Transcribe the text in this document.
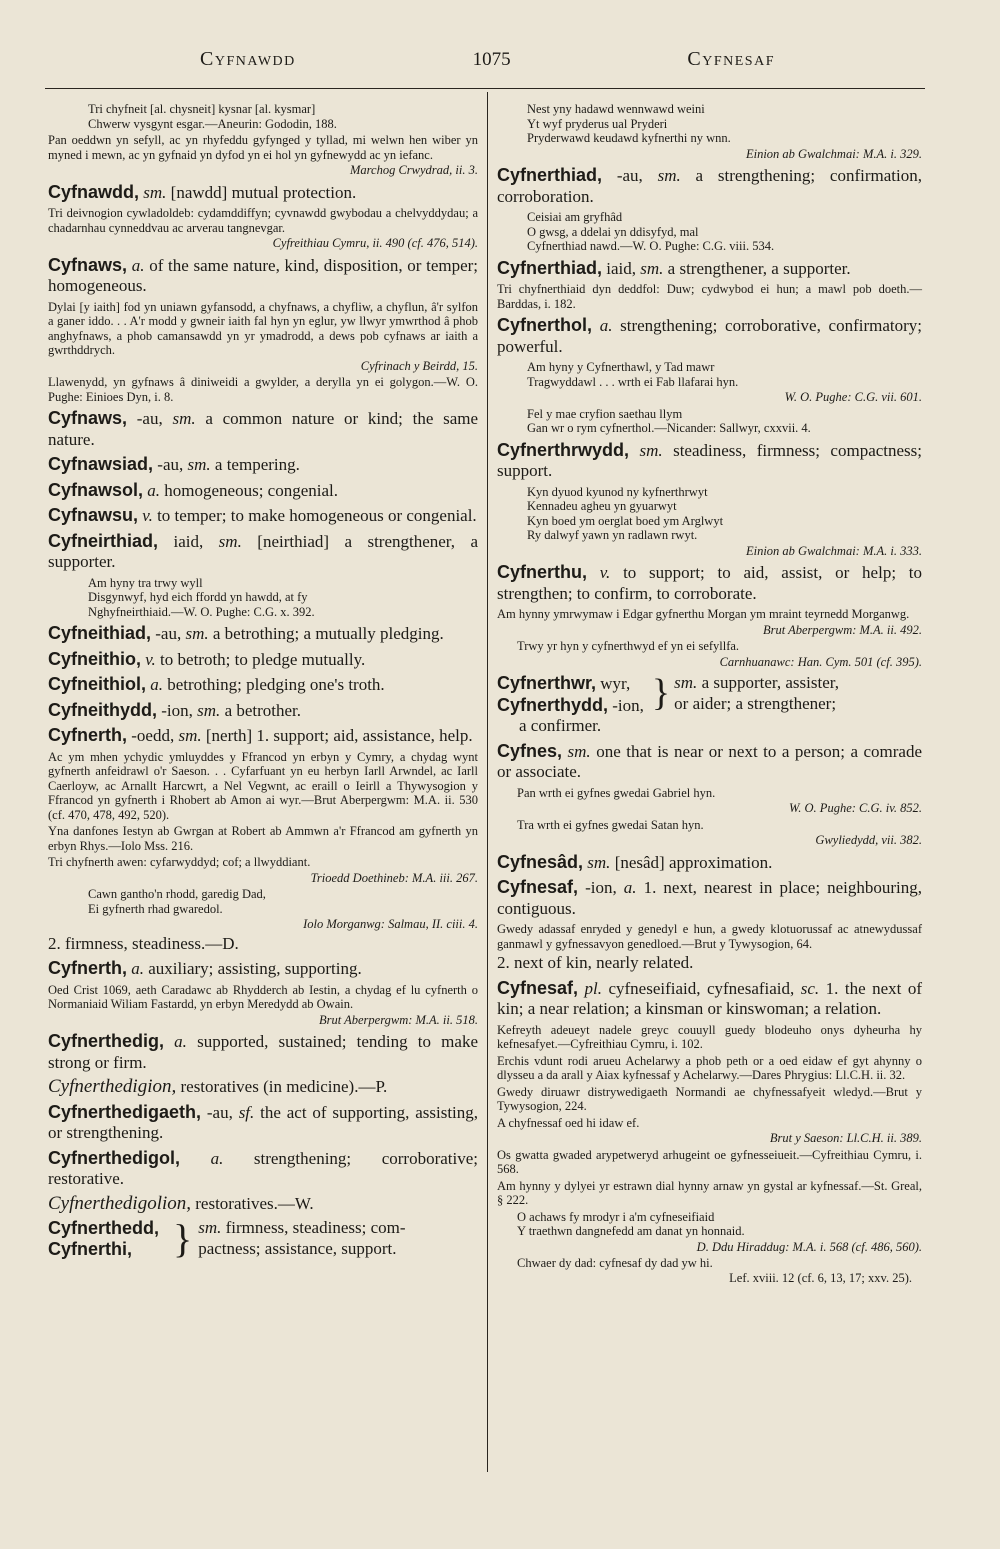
Cyfnawdd	1075	Cyfnesaf
Tri chyfneit [al. chysneit] kysnar [al. kysmar]
Chwerw vysgynt esgar.—Aneurin: Gododin, 188.
Pan oeddwn yn sefyll, ac yn rhyfeddu gyfynged y tyllad, mi welwn hen wiber yn myned i mewn, ac yn gyfnaid yn dyfod yn ei hol yn gyfnewydd ac yn iefanc.
Marchog Crwydrad, ii. 3.
Cyfnawdd, sm. [nawdd] mutual protection.
Tri deivnogion cywladoldeb: cydamddiffyn; cyvnawdd gwybodau a chelvyddydau; a chadarnhau cynneddvau ac arverau tangnevgar.
Cyfreithiau Cymru, ii. 490 (cf. 476, 514).
Cyfnaws, a. of the same nature, kind, disposition, or temper; homogeneous.
Dylai [y iaith] fod yn uniawn gyfansodd, a chyfnaws, a chyfliw, a chyflun, â'r sylfon a ganer iddo. . . A'r modd y gwneir iaith fal hyn yn eglur, yw llwyr ymwrthod â phob anghyfnaws, a phob camansawdd yn yr ymadrodd, a dews pob cyfnaws ar iaith a gwrthddrych.
Cyfrinach y Beirdd, 15.
Llawenydd, yn gyfnaws â diniweidi a gwylder, a derylla yn ei golygon.—W. O. Pughe: Einioes Dyn, i. 8.
Cyfnaws, -au, sm. a common nature or kind; the same nature.
Cyfnawsiad, -au, sm. a tempering.
Cyfnawsol, a. homogeneous; congenial.
Cyfnawsu, v. to temper; to make homogeneous or congenial.
Cyfneirthiad, iaid, sm. [neirthiad] a strengthener, a supporter.
Am hyny tra trwy wyll
Disgynwyf, hyd eich ffordd yn hawdd, at fy
Nghyfneirthiaid.—W. O. Pughe: C.G. x. 392.
Cyfneithiad, -au, sm. a betrothing; a mutually pledging.
Cyfneithio, v. to betroth; to pledge mutually.
Cyfneithiol, a. betrothing; pledging one's troth.
Cyfneithydd, -ion, sm. a betrother.
Cyfnerth, -oedd, sm. [nerth] 1. support; aid, assistance, help.
Ac ym mhen ychydic ymluyddes y Ffrancod yn erbyn y Cymry, a chydag wynt gyfnerth anfeidrawl o'r Saeson. . . Cyfarfuant yn eu herbyn Iarll Arwndel, ac Iarll Caerloyw, ac Arnallt Harcwrt, a Nel Vegwnt, ac eraill o Ieirll a Thywysogion y Ffrancod yn gyfnerth i Rhobert ab Amon ai wyr.—Brut Aberpergwm: M.A. ii. 530 (cf. 470, 478, 492, 520).
Yna danfones Iestyn ab Gwrgan at Robert ab Ammwn a'r Ffrancod am gyfnerth yn erbyn Rhys.—Iolo Mss. 216.
Tri chyfnerth awen: cyfarwyddyd; cof; a llwyddiant.
Trioedd Doethineb: M.A. iii. 267.
Cawn gantho'n rhodd, garedig Dad,
Ei gyfnerth rhad gwaredol.
Iolo Morganwg: Salmau, II. ciii. 4.
2. firmness, steadiness.—D.
Cyfnerth, a. auxiliary; assisting, supporting.
Oed Crist 1069, aeth Caradawc ab Rhydderch ab Iestin, a chydag ef lu cyfnerth o Normaniaid Wiliam Fastardd, yn erbyn Meredydd ab Owain.
Brut Aberpergwm: M.A. ii. 518.
Cyfnerthedig, a. supported, sustained; tending to make strong or firm.
Cyfnerthedigion, restoratives (in medicine).—P.
Cyfnerthedigaeth, -au, sf. the act of supporting, assisting, or strengthening.
Cyfnerthedigol, a. strengthening; corroborative; restorative.
Cyfnerthedigolion, restoratives.—W.
Cyfnerthedd,
Cyfnerthi,	} sm. firmness, steadiness; com-
pactness; assistance, support.
Nest yny hadawd wennwawd weini
Yt wyf pryderus ual Pryderi
Pryderwawd keudawd kyfnerthi ny wnn.
Einion ab Gwalchmai: M.A. i. 329.
Cyfnerthiad, -au, sm. a strengthening; confirmation, corroboration.
Ceisiai am gryfhâd
O gwsg, a ddelai yn ddisyfyd, mal
Cyfnerthiad nawd.—W. O. Pughe: C.G. viii. 534.
Cyfnerthiad, iaid, sm. a strengthener, a supporter.
Tri chyfnerthiaid dyn deddfol: Duw; cydwybod ei hun; a mawl pob doeth.—Barddas, i. 182.
Cyfnerthol, a. strengthening; corroborative, confirmatory; powerful.
Am hyny y Cyfnerthawl, y Tad mawr
Tragwyddawl . . . wrth ei Fab llafarai hyn.
W. O. Pughe: C.G. vii. 601.
Fel y mae cryfion saethau llym
Gan wr o rym cyfnerthol.—Nicander: Sallwyr, cxxvii. 4.
Cyfnerthrwydd, sm. steadiness, firmness; compactness; support.
Kyn dyuod kyunod ny kyfnerthrwyt
Kennadeu agheu yn gyuarwyt
Kyn boed ym oerglat boed ym Arglwyt
Ry dalwyf yawn yn radlawn rwyt.
Einion ab Gwalchmai: M.A. i. 333.
Cyfnerthu, v. to support; to aid, assist, or help; to strengthen; to confirm, to corroborate.
Am hynny ymrwymaw i Edgar gyfnerthu Morgan ym mraint teyrnedd Morganwg.
Brut Aberpergwm: M.A. ii. 492.
Trwy yr hyn y cyfnerthwyd ef yn ei sefyllfa.
Carnhuanawc: Han. Cym. 501 (cf. 395).
Cyfnerthwr, wyr,
Cyfnerthydd, -ion,
a confirmer.
} sm. a supporter, assister,
or aider; a strengthener;
Cyfnes, sm. one that is near or next to a person; a comrade or associate.
Pan wrth ei gyfnes gwedai Gabriel hyn.
W. O. Pughe: C.G. iv. 852.
Tra wrth ei gyfnes gwedai Satan hyn.
Gwyliedydd, vii. 382.
Cyfnesâd, sm. [nesâd] approximation.
Cyfnesaf, -ion, a. 1. next, nearest in place; neighbouring, contiguous.
Gwedy adassaf enryded y genedyl e hun, a gwedy klotuorussaf ac atnewydussaf ganmawl y gyfnessavyon genedloed.—Brut y Tywysogion, 64.
2. next of kin, nearly related.
Cyfnesaf, pl. cyfneseifiaid, cyfnesafiaid, sc. 1. the next of kin; a near relation; a kinsman or kinswoman; a relation.
Kefreyth adeueyt nadele greyc couuyll guedy blodeuho onys dyheurha hy kefnesafyet.—Cyfreithiau Cymru, i. 102.
Erchis vdunt rodi arueu Achelarwy a phob peth or a oed eidaw ef gyt ahynny o dlysseu a da arall y Aiax kyfnessaf y Achelarwy.—Dares Phrygius: Ll.C.H. ii. 32.
Gwedy diruawr distrywedigaeth Normandi ae chyfnessafyeit wledyd.—Brut y Tywysogion, 224.
A chyfnessaf oed hi idaw ef.
Brut y Saeson: Ll.C.H. ii. 389.
Os gwatta gwaded arypetweryd arhugeint oe gyfnesseiueit.—Cyfreithiau Cymru, i. 568.
Am hynny y dylyei yr estrawn dial hynny arnaw yn gystal ar kyfnessaf.—St. Greal, § 222.
O achaws fy mrodyr i a'm cyfneseifiaid
Y traethwn dangnefedd am danat yn honnaid.
D. Ddu Hiraddug: M.A. i. 568 (cf. 486, 560).
Chwaer dy dad: cyfnesaf dy dad yw hi.
Lef. xviii. 12 (cf. 6, 13, 17; xxv. 25).
